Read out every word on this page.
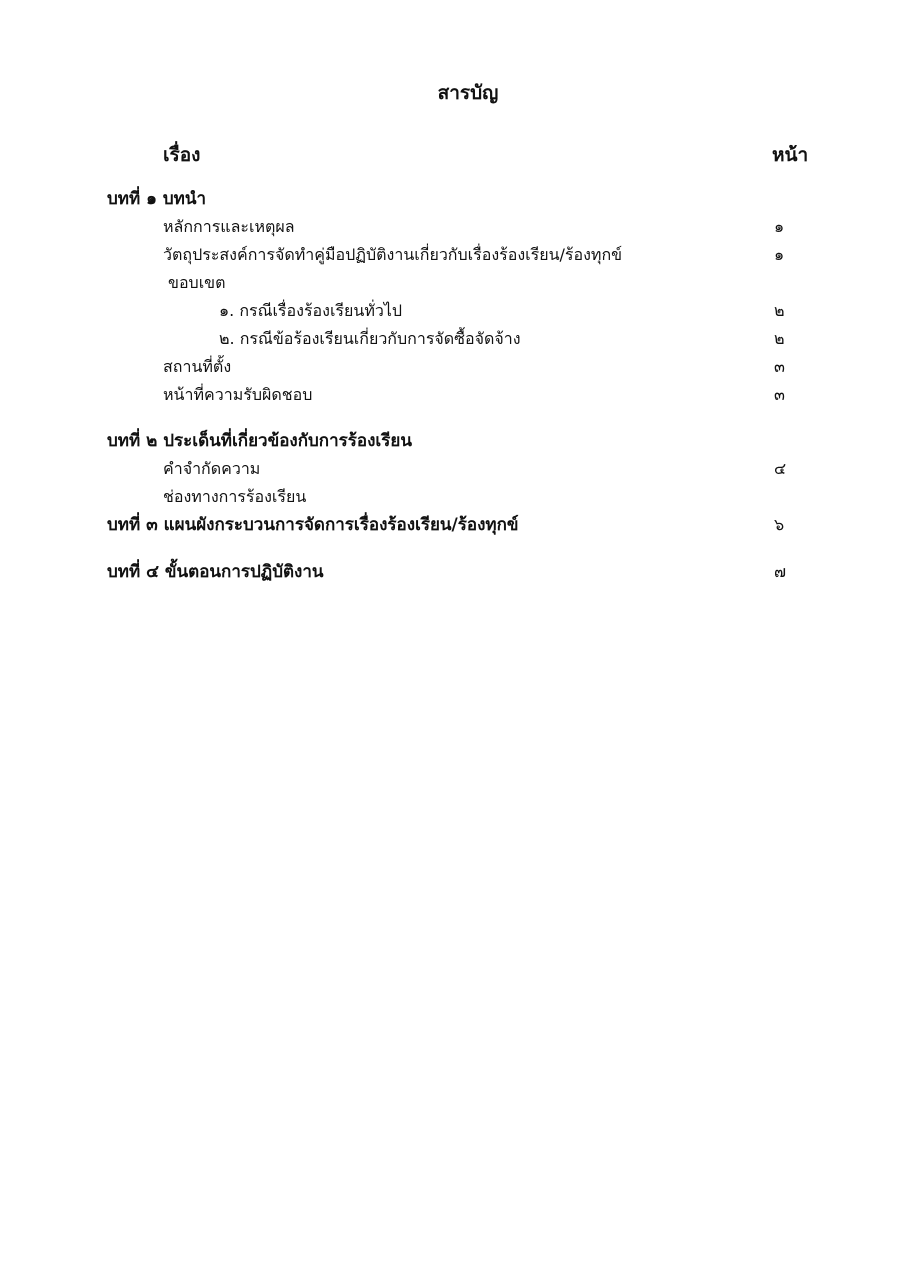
สารบัญ
เรื่อง	หน้า
บทที่ ๑ บทนำ
หลักการและเหตุผล	๑
วัตถุประสงค์การจัดทำคู่มือปฏิบัติงานเกี่ยวกับเรื่องร้องเรียน/ร้องทุกข์	๑
ขอบเขต
๑. กรณีเรื่องร้องเรียนทั่วไป	๒
๒. กรณีข้อร้องเรียนเกี่ยวกับการจัดซื้อจัดจ้าง	๒
สถานที่ตั้ง	๓
หน้าที่ความรับผิดชอบ	๓
บทที่ ๒ ประเด็นที่เกี่ยวข้องกับการร้องเรียน
คำจำกัดความ	๔
ช่องทางการร้องเรียน
บทที่ ๓ แผนผังกระบวนการจัดการเรื่องร้องเรียน/ร้องทุกข์	๖
บทที่ ๔ ขั้นตอนการปฏิบัติงาน	๗
